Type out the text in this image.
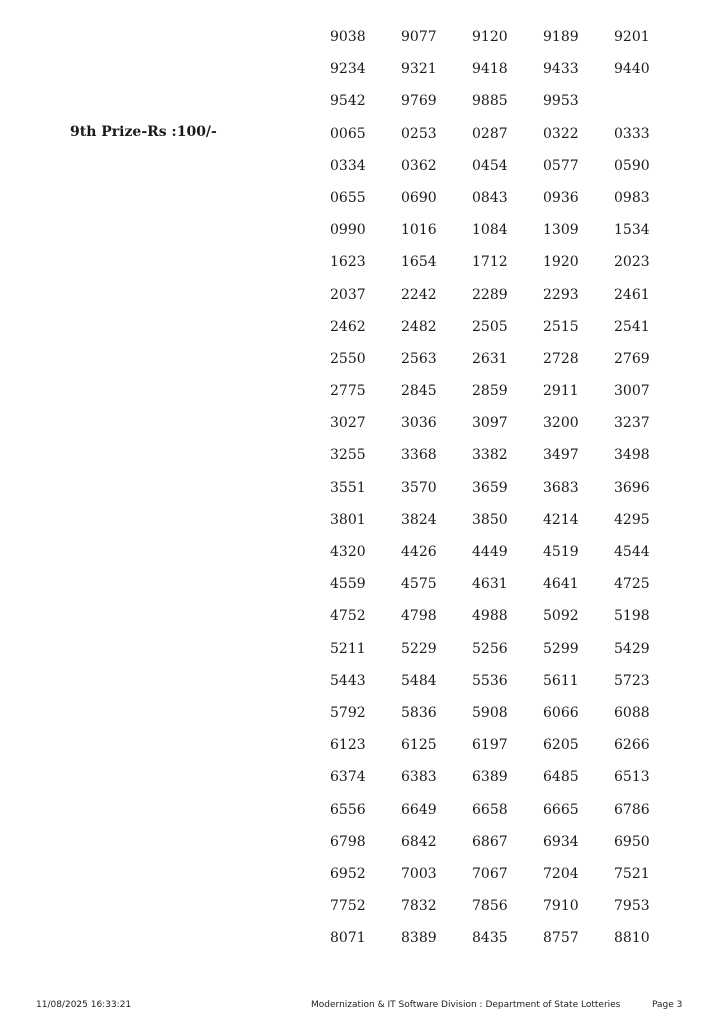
9th Prize-Rs :100/-
9038	9077	9120	9189	9201
9234	9321	9418	9433	9440
9542	9769	9885	9953
0065	0253	0287	0322	0333
0334	0362	0454	0577	0590
0655	0690	0843	0936	0983
0990	1016	1084	1309	1534
1623	1654	1712	1920	2023
2037	2242	2289	2293	2461
2462	2482	2505	2515	2541
2550	2563	2631	2728	2769
2775	2845	2859	2911	3007
3027	3036	3097	3200	3237
3255	3368	3382	3497	3498
3551	3570	3659	3683	3696
3801	3824	3850	4214	4295
4320	4426	4449	4519	4544
4559	4575	4631	4641	4725
4752	4798	4988	5092	5198
5211	5229	5256	5299	5429
5443	5484	5536	5611	5723
5792	5836	5908	6066	6088
6123	6125	6197	6205	6266
6374	6383	6389	6485	6513
6556	6649	6658	6665	6786
6798	6842	6867	6934	6950
6952	7003	7067	7204	7521
7752	7832	7856	7910	7953
8071	8389	8435	8757	8810
11/08/2025 16:33:21	Modernization & IT Software Division : Department of State Lotteries	Page 3
